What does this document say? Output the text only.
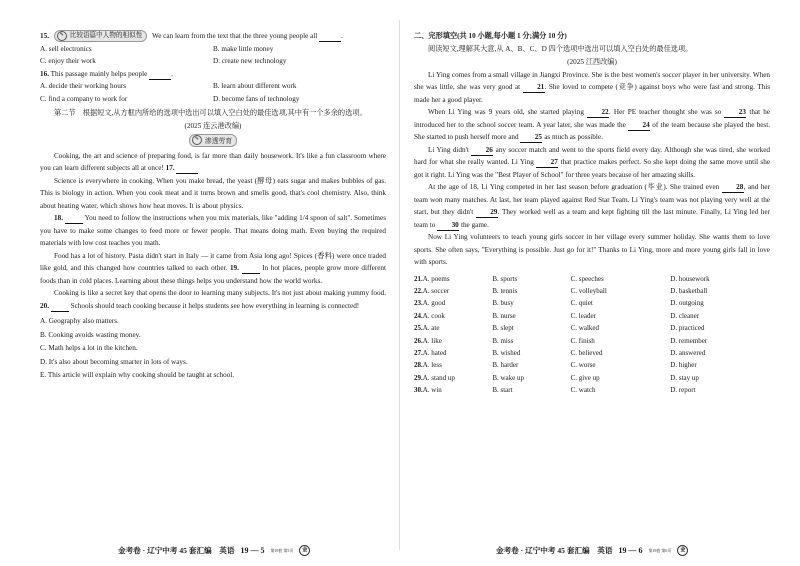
15.	✎ 比较语篇中人物的相似性 We can learn from the text that the three young people all	.

A. sell electronics	B. make little money
C. enjoy their work	D. create new technology

16. This passage mainly helps people	.

A. decide their working hours	B. learn about different work
C. find a company to work for	D. become fans of technology

第二节　根据短文,从方框内所给的选项中选出可以填入空白处的最佳选项,其中有一个多余的选项。

(2025 连云港改编)

✎ 渗透劳育

Cooking, the art and science of preparing food, is far more than daily housework. It's like a fun classroom where you can learn different subjects all at once! 17.

Science is everywhere in cooking. When you make bread, the yeast (酵母) eats sugar and makes bubbles of gas. This is biology in action. When you cook meat and it turns brown and smells good, that's cool chemistry. Also, think about heating water, which shows how heat moves. It is about physics.

18.	You need to follow the instructions when you mix materials, like "adding 1/4 spoon of salt". Sometimes you have to make some changes to feed more or fewer people. That means doing math. Even buying the required materials with low cost teaches you math.

Food has a lot of history. Pasta didn't start in Italy — it came from Asia long ago! Spices (香料) were once traded like gold, and this changed how countries talked to each other. 19.	In hot places, people grow more different foods than in cold places. Learning about these things helps you understand how the world works.

Cooking is like a secret key that opens the door to learning many subjects. It's not just about making yummy food. 20.	Schools should teach cooking because it helps students see how everything in learning is connected!

A. Geography also matters.

B. Cooking avoids wasting money.

C. Math helps a lot in the kitchen.

D. It's also about becoming smarter in lots of ways.

E. This article will explain why cooking should be taught at school.

金考卷 · 辽宁中考 45 套汇编　英语 19 — 5 第19套 第5页	金

二、完形填空(共 10 小题,每小题 1 分;满分 10 分)

阅读短文,理解其大意,从 A、B、C、D 四个选项中选出可以填入空白处的最佳选项。

(2025 江西改编)

Li Ying comes from a small village in Jiangxi Province. She is the best women's soccer player in her university. When she was little, she was very good at 21. She loved to compete (竞争) against boys who were fast and strong. This made her a good player.

When Li Ying was 9 years old, she started playing 22. Her PE teacher thought she was so 23 that he introduced her to the school soccer team. A year later, she was made the 24 of the team because she played the best. She started to push herself more and 25 as much as possible.

Li Ying didn't 26 any soccer match and went to the sports field every day. Although she was tired, she worked hard for what she really wanted. Li Ying 27 that practice makes perfect. So she kept doing the same move until she got it right. Li Ying was the "Best Player of School" for three years because of her amazing skills.

At the age of 18, Li Ying competed in her last season before graduation (毕业). She trained even 28, and her team won many matches. At last, her team played against Red Star Team. Li Ying's team was not playing very well at the start, but they didn't 29. They worked well as a team and kept fighting till the last minute. Finally, Li Ying led her team to 30 the game.

Now Li Ying volunteers to teach young girls soccer in her village every summer holiday. She wants them to love sports. She often says, "Everything is possible. Just go for it!" Thanks to Li Ying, more and more young girls fall in love with sports.

21.A. poems	B. sports	C. speeches	D. housework
22.A. soccer	B. tennis	C. volleyball	D. basketball
23.A. good	B. busy	C. quiet	D. outgoing
24.A. cook	B. nurse	C. leader	D. cleaner
25.A. ate	B. slept	C. walked	D. practiced
26.A. like	B. miss	C. finish	D. remember
27.A. hated	B. wished	C. believed	D. answered
28.A. less	B. harder	C. worse	D. higher
29.A. stand up	B. wake up	C. give up	D. stay up
30.A. win	B. start	C. watch	D. report
金考卷 · 辽宁中考 45 套汇编　英语 19 — 6 第19套 第6页	金
